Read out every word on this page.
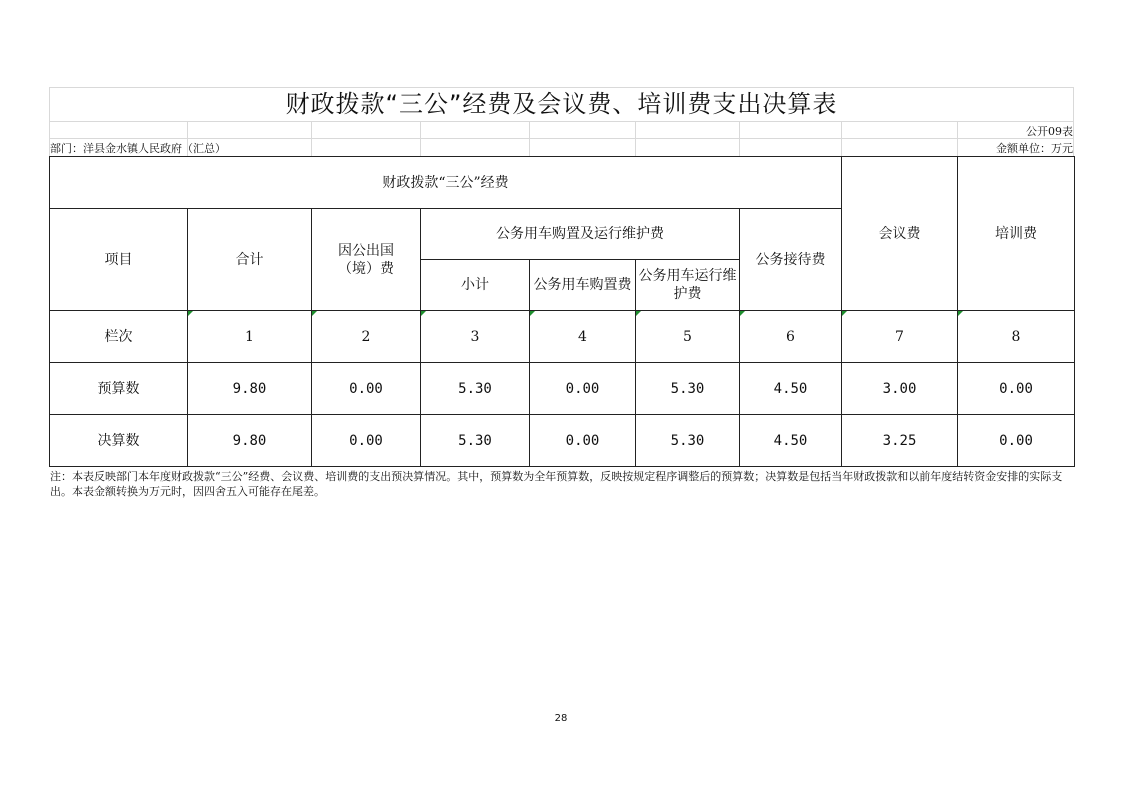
财政拨款“三公”经费及会议费、培训费支出决算表
公开09表
部门：洋县金水镇人民政府（汇总）	金额单位：万元
财政拨款“三公”经费							会议费	培训费
项目	合计	因公出国（境）费	公务用车购置及运行维护费			公务接待费		
			小计	公务用车购置费	公务用车运行维护费			

栏次	1	2	3	4	5	6	7	8
预算数	9.80	0.00	5.30	0.00	5.30	4.50	3.00	0.00
决算数	9.80	0.00	5.30	0.00	5.30	4.50	3.25	0.00
注：本表反映部门本年度财政拨款“三公”经费、会议费、培训费的支出预决算情况。其中，预算数为全年预算数，反映按规定程序调整后的预算数；决算数是包括当年财政拨款和以前年度结转资金安排的实际支出。本表金额转换为万元时，因四舍五入可能存在尾差。
28
